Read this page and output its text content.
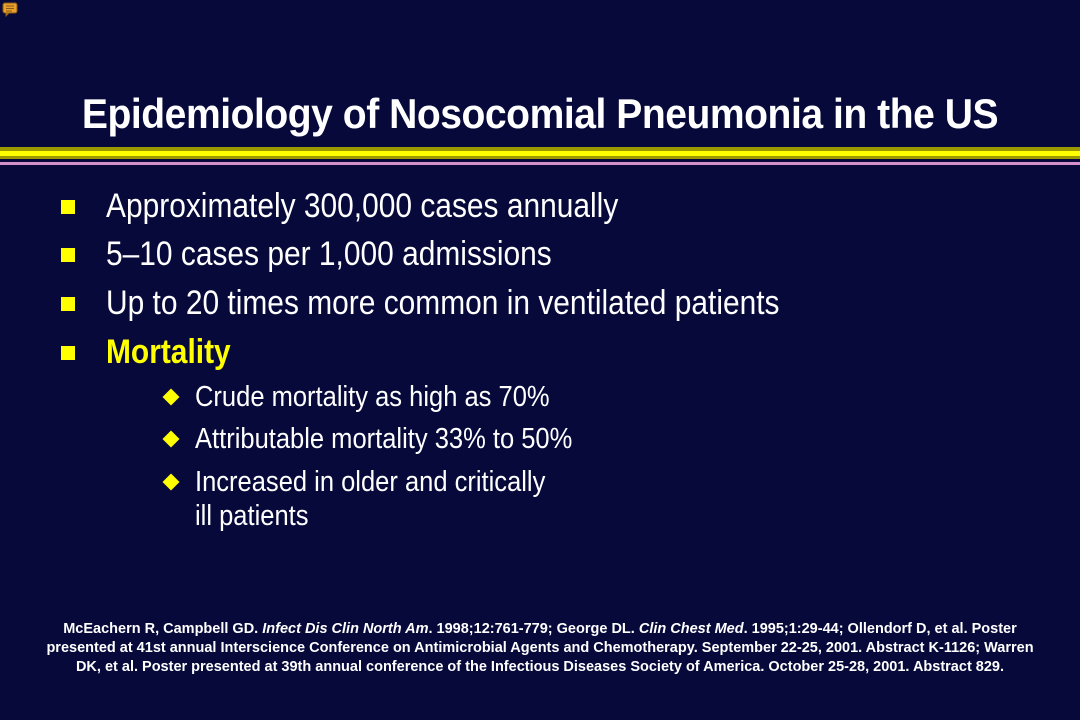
Epidemiology of Nosocomial Pneumonia in the US
Approximately 300,000 cases annually
5–10 cases per 1,000 admissions
Up to 20 times more common in ventilated patients
Mortality
Crude mortality as high as 70%
Attributable mortality 33% to 50%
Increased in older and critically
ill patients
McEachern R, Campbell GD. Infect Dis Clin North Am. 1998;12:761-779; George DL. Clin Chest Med. 1995;1:29-44; Ollendorf D, et al. Poster presented at 41st annual Interscience Conference on Antimicrobial Agents and Chemotherapy. September 22-25, 2001. Abstract K-1126; Warren DK, et al. Poster presented at 39th annual conference of the Infectious Diseases Society of America. October 25-28, 2001. Abstract 829.
